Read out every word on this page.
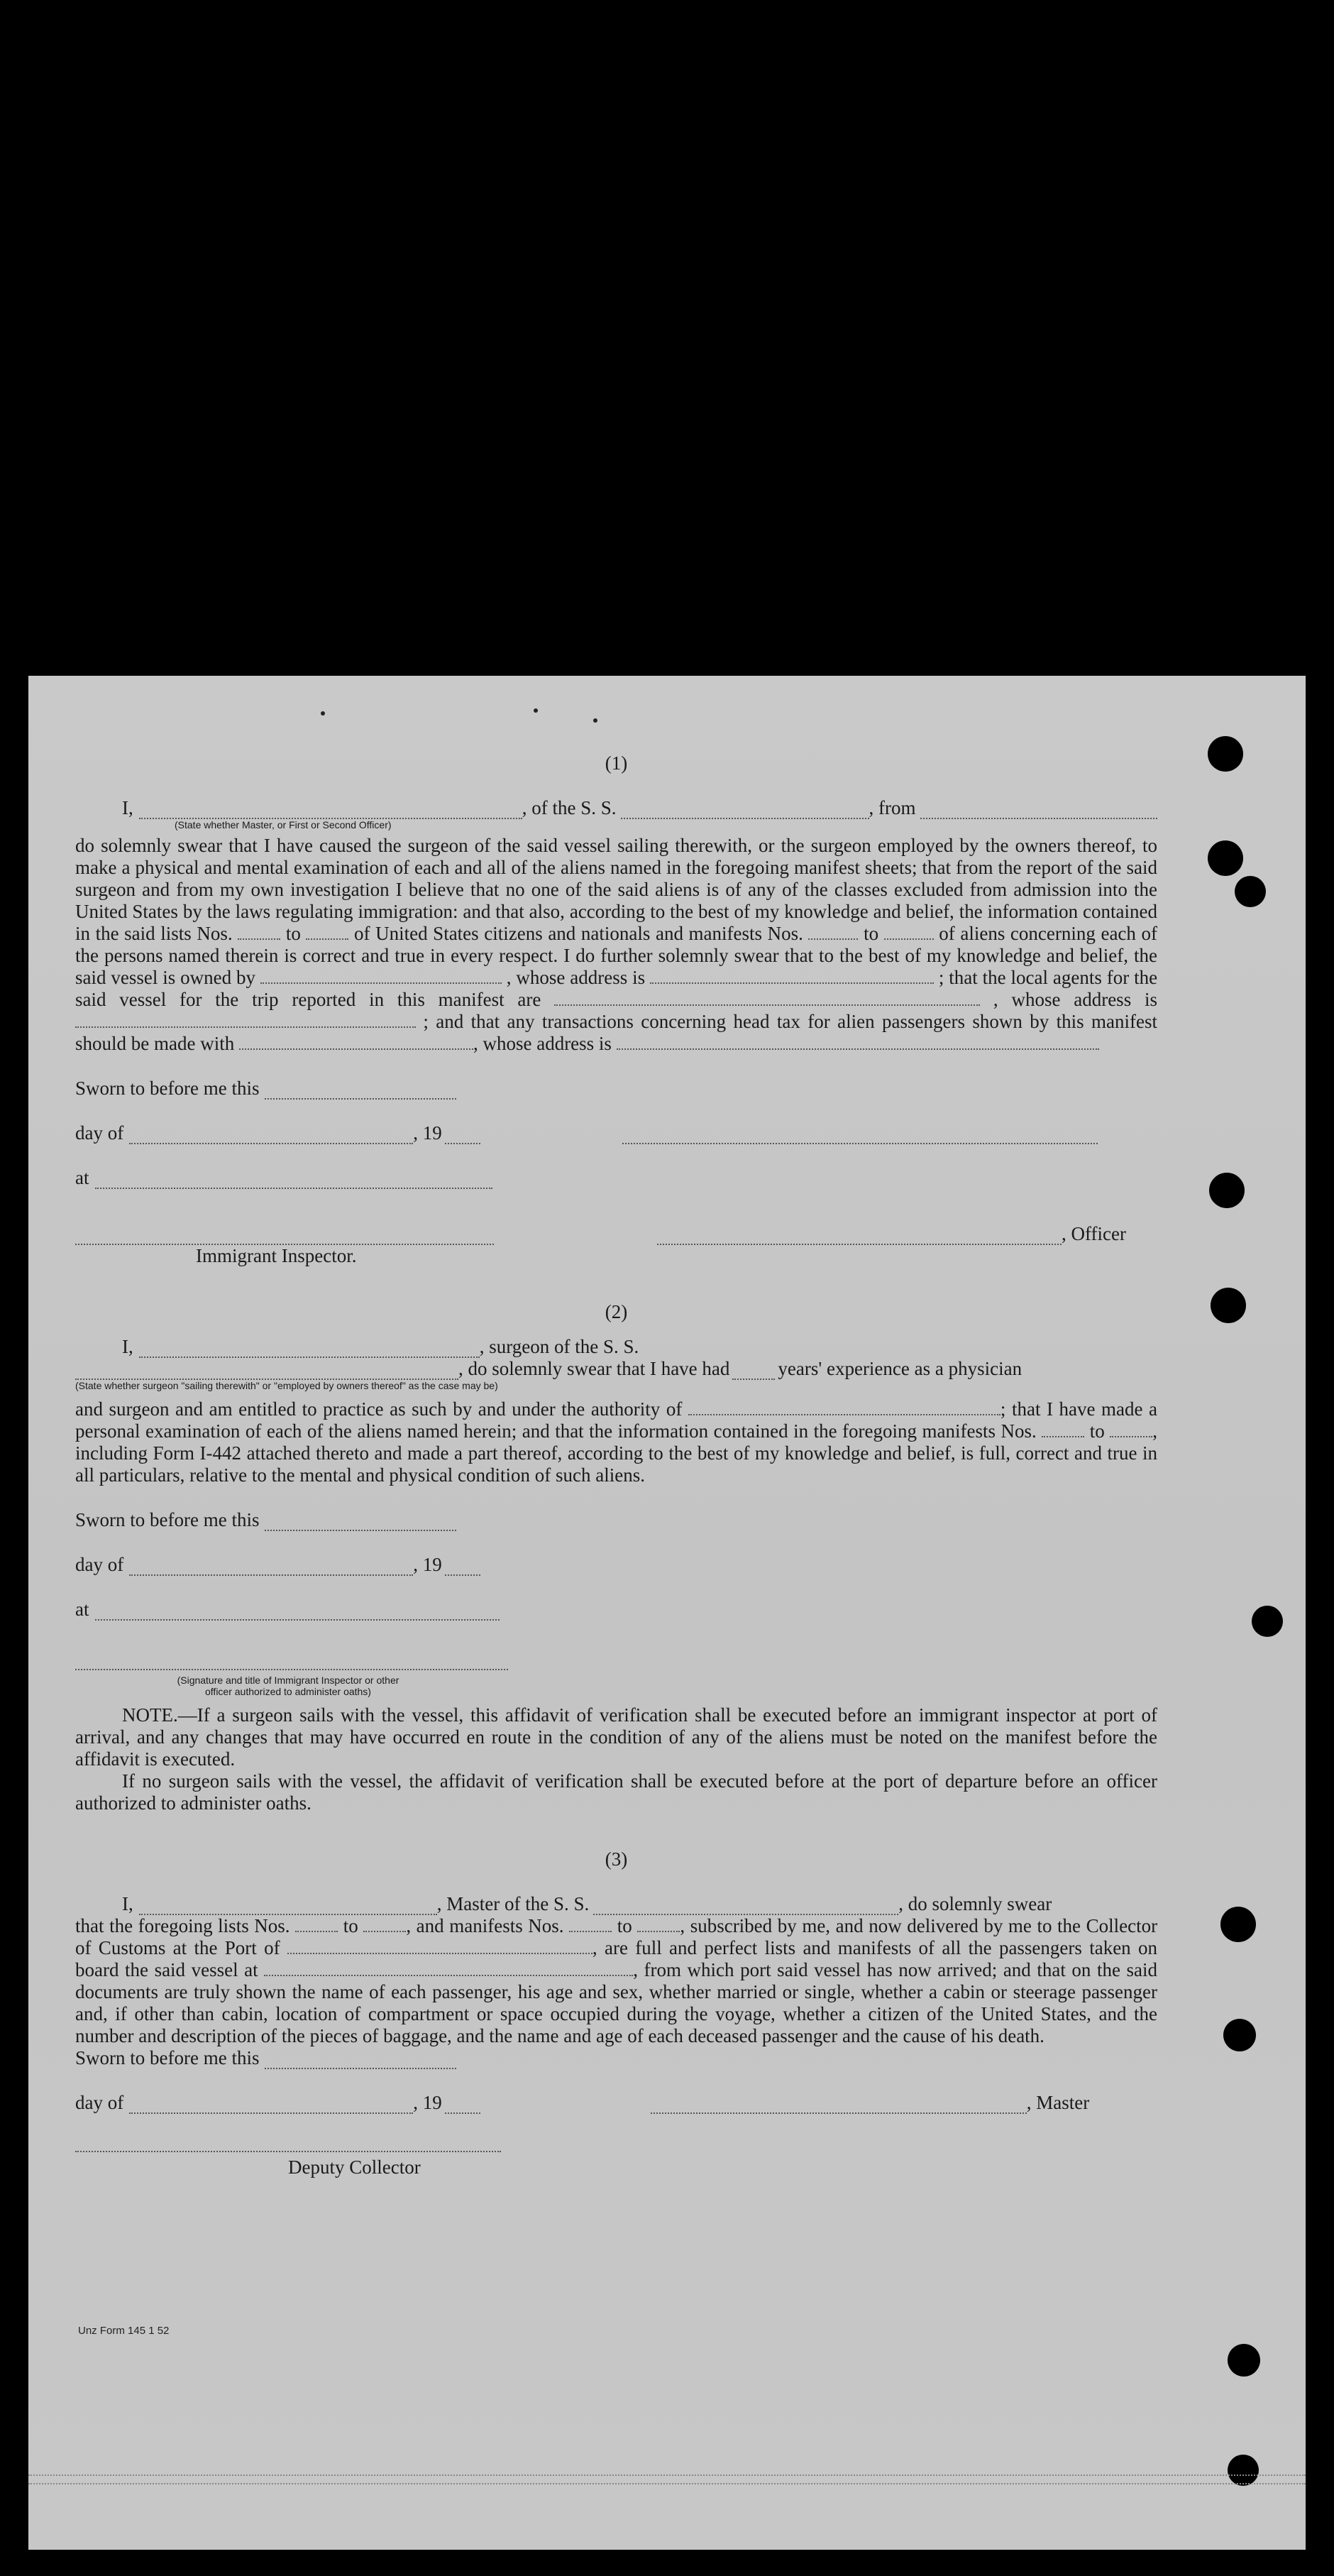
(1)
I,	, of the S. S.	, from
(State whether Master, or First or Second Officer)
do solemnly swear that I have caused the surgeon of the said vessel sailing therewith, or the surgeon employed by the owners thereof, to make a physical and mental examination of each and all of the aliens named in the foregoing manifest sheets; that from the report of the said surgeon and from my own investigation I believe that no one of the said aliens is of any of the classes excluded from admission into the United States by the laws regulating immigration: and that also, according to the best of my knowledge and belief, the information contained in the said lists Nos.	to	of United States citizens and nationals and manifests Nos.	to	of aliens concerning each of the persons named therein is correct and true in every respect. I do further solemnly swear that to the best of my knowledge and belief, the said vessel is owned by	, whose address is	; that the local agents for the said vessel for the trip reported in this manifest are	, whose address is  ; and that any transactions concerning head tax for alien passengers shown by this manifest should be made with	, whose address is
Sworn to before me this
day of	, 19
at
, Officer
Immigrant Inspector.
(2)
I,	, surgeon of the S. S.
, do solemnly swear that I have had	years' experience as a physician
(State whether surgeon "sailing therewith" or "employed by owners thereof" as the case may be)
and surgeon and am entitled to practice as such by and under the authority of	; that I have made a personal examination of each of the aliens named herein; and that the information contained in the foregoing manifests Nos.	to	, including Form I-442 attached thereto and made a part thereof, according to the best of my knowledge and belief, is full, correct and true in all particulars, relative to the mental and physical condition of such aliens.
Sworn to before me this
day of	, 19
at
(Signature and title of Immigrant Inspector or other
officer authorized to administer oaths)
NOTE.—If a surgeon sails with the vessel, this affidavit of verification shall be executed before an immigrant inspector at port of arrival, and any changes that may have occurred en route in the condition of any of the aliens must be noted on the manifest before the affidavit is executed.
If no surgeon sails with the vessel, the affidavit of verification shall be executed before at the port of departure before an officer authorized to administer oaths.
(3)
I,	, Master of the S. S.	, do solemnly swear
that the foregoing lists Nos.	to	, and manifests Nos.	to	, subscribed by me, and now delivered by me to the Collector of Customs at the Port of	, are full and perfect lists and manifests of all the passengers taken on board the said vessel at	, from which port said vessel has now arrived; and that on the said documents are truly shown the name of each passenger, his age and sex, whether married or single, whether a cabin or steerage passenger and, if other than cabin, location of compartment or space occupied during the voyage, whether a citizen of the United States, and the number and description of the pieces of baggage, and the name and age of each deceased passenger and the cause of his death.
Sworn to before me this
day of	, 19	, Master
Deputy Collector
Unz Form 145 1 52
